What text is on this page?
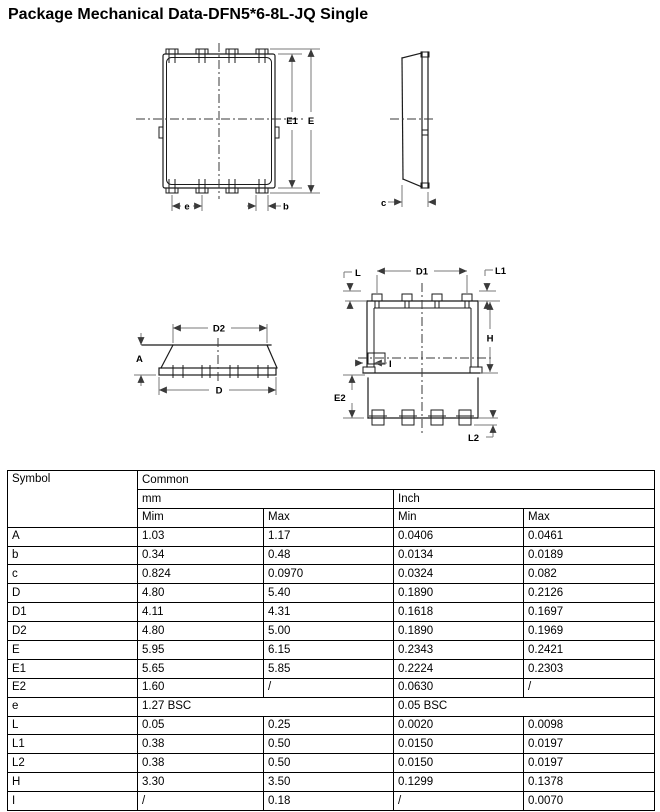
Package Mechanical Data-DFN5*6-8L-JQ Single
E1 E
e	b	c
D2
D
A
D1
L	L1
H
E2
L2
I
Symbol	Common			
	mm		Inch	
	Mim	Max	Min	Max
A	1.03	1.17	0.0406	0.0461
b	0.34	0.48	0.0134	0.0189
c	0.824	0.0970	0.0324	0.082
D	4.80	5.40	0.1890	0.2126
D1	4.11	4.31	0.1618	0.1697
D2	4.80	5.00	0.1890	0.1969
E	5.95	6.15	0.2343	0.2421
E1	5.65	5.85	0.2224	0.2303
E2	1.60	/	0.0630	/
e	1.27 BSC		0.05 BSC	
L	0.05	0.25	0.0020	0.0098
L1	0.38	0.50	0.0150	0.0197
L2	0.38	0.50	0.0150	0.0197
H	3.30	3.50	0.1299	0.1378
I	/	0.18	/	0.0070
